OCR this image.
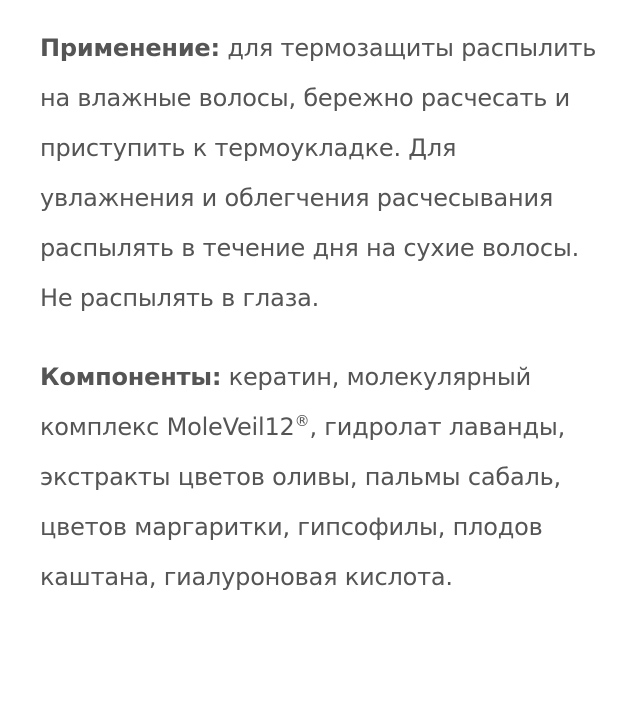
Применение: для термозащиты распылить на влажные волосы, бережно расчесать и приступить к термоукладке. Для увлажнения и облегчения расчесывания распылять в течение дня на сухие волосы. Не распылять в глаза.

Компоненты: кератин, молекулярный комплекс MoleVeil12®, гидролат лаванды, экстракты цветов оливы, пальмы сабаль, цветов маргаритки, гипсофилы, плодов каштана, гиалуроновая кислота.
